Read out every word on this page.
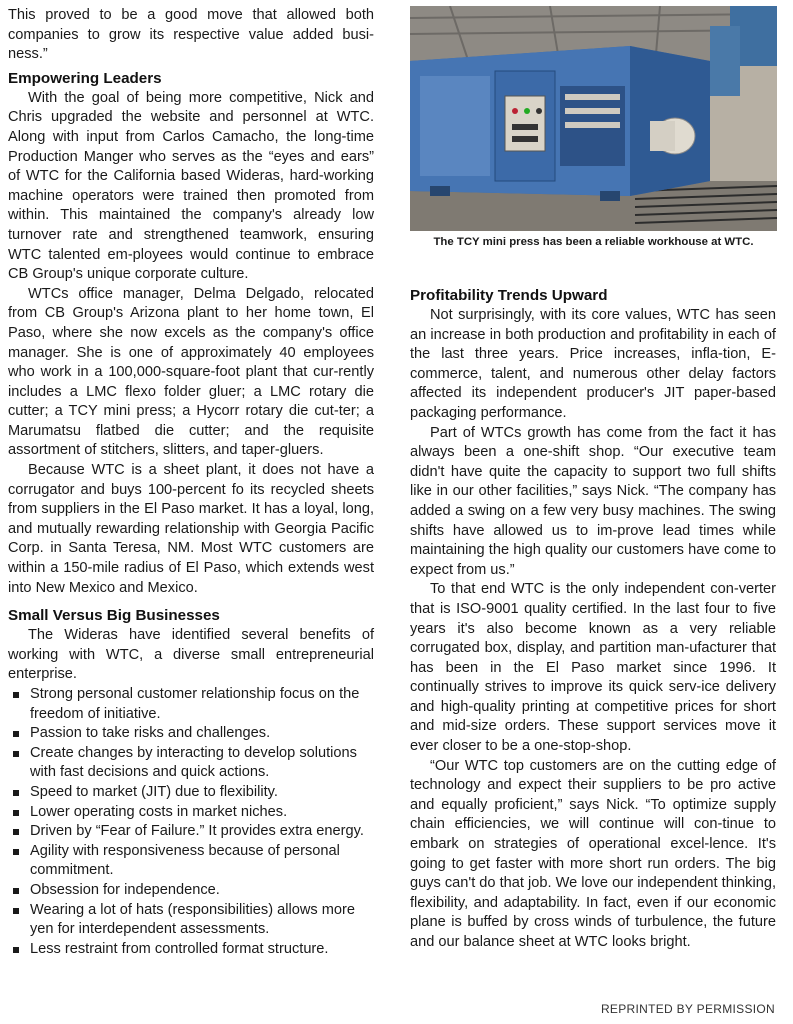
This proved to be a good move that allowed both companies to grow its respective value added busi-ness.”

Empowering Leaders

With the goal of being more competitive, Nick and Chris upgraded the website and personnel at WTC. Along with input from Carlos Camacho, the long-time Production Manger who serves as the “eyes and ears” of WTC for the California based Wideras, hard-working machine operators were trained then promoted from within. This maintained the company's already low turnover rate and strengthened teamwork, ensuring WTC talented em-ployees would continue to embrace CB Group's unique corporate culture.

WTCs office manager, Delma Delgado, relocated from CB Group's Arizona plant to her home town, El Paso, where she now excels as the company's office manager. She is one of approximately 40 employees who work in a 100,000-square-foot plant that cur-rently includes a LMC flexo folder gluer; a LMC rotary die cutter; a TCY mini press; a Hycorr rotary die cut-ter; a Marumatsu flatbed die cutter; and the requisite assortment of stitchers, slitters, and taper-gluers.

Because WTC is a sheet plant, it does not have a corrugator and buys 100-percent fo its recycled sheets from suppliers in the El Paso market. It has a loyal, long, and mutually rewarding relationship with Georgia Pacific Corp. in Santa Teresa, NM. Most WTC customers are within a 150-mile radius of El Paso, which extends west into New Mexico and Mexico.

Small Versus Big Businesses

The Wideras have identified several benefits of working with WTC, a diverse small entrepreneurial enterprise.

Strong personal customer relationship focus on the freedom of initiative.
Passion to take risks and challenges.
Create changes by interacting to develop solutions with fast decisions and quick actions.
Speed to market (JIT) due to flexibility.
Lower operating costs in market niches.
Driven by “Fear of Failure.” It provides extra energy.
Agility with responsiveness because of personal commitment.
Obsession for independence.
Wearing a lot of hats (responsibilities) allows more yen for interdependent assessments.
Less restraint from controlled format structure.
The TCY mini press has been a reliable workhouse at WTC.
Profitability Trends Upward

Not surprisingly, with its core values, WTC has seen an increase in both production and profitability in each of the last three years. Price increases, infla-tion, E-commerce, talent, and numerous other delay factors affected its independent producer's JIT paper-based packaging performance.

Part of WTCs growth has come from the fact it has always been a one-shift shop. “Our executive team didn't have quite the capacity to support two full shifts like in our other facilities,” says Nick. “The company has added a swing on a few very busy machines. The swing shifts have allowed us to im-prove lead times while maintaining the high quality our customers have come to expect from us.”

To that end WTC is the only independent con-verter that is ISO-9001 quality certified. In the last four to five years it's also become known as a very reliable corrugated box, display, and partition man-ufacturer that has been in the El Paso market since 1996. It continually strives to improve its quick serv-ice delivery and high-quality printing at competitive prices for short and mid-size orders. These support services move it ever closer to be a one-stop-shop.

“Our WTC top customers are on the cutting edge of technology and expect their suppliers to be pro active and equally proficient,” says Nick. “To optimize supply chain efficiencies, we will continue will con-tinue to embark on strategies of operational excel-lence. It's going to get faster with more short run orders. The big guys can't do that job. We love our independent thinking, flexibility, and adaptability. In fact, even if our economic plane is buffed by cross winds of turbulence, the future and our balance sheet at WTC looks bright.

REPRINTED BY PERMISSION
